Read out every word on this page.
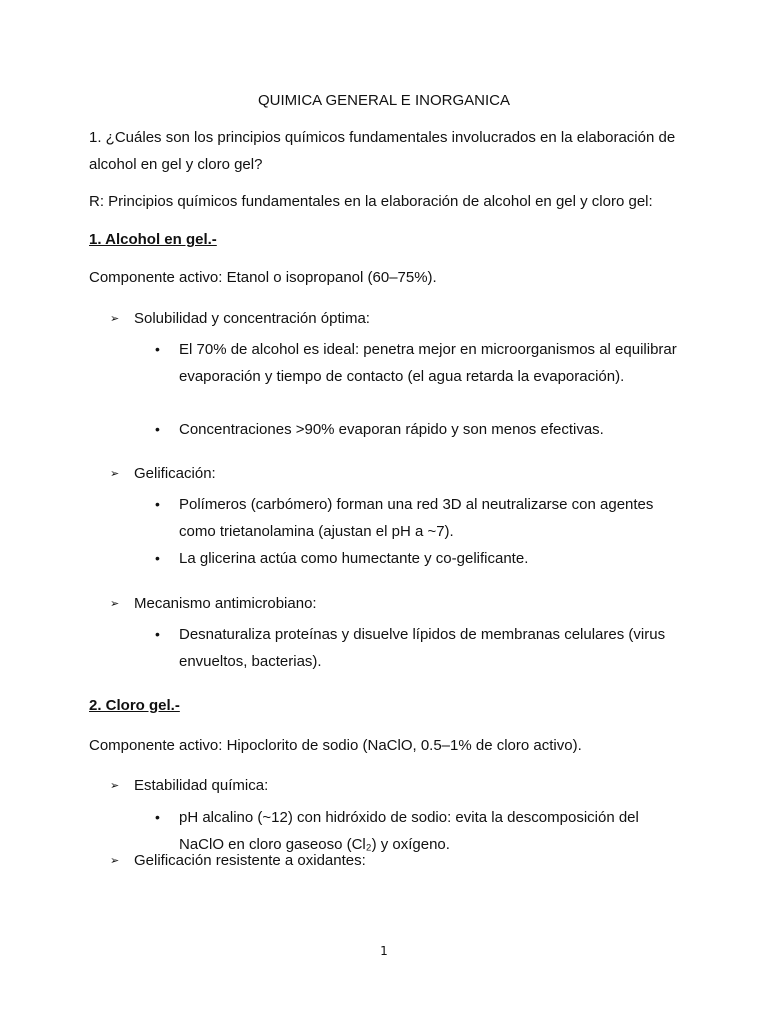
QUIMICA GENERAL E INORGANICA
1. ¿Cuáles son los principios químicos fundamentales involucrados en la elaboración de alcohol en gel y cloro gel?
R: Principios químicos fundamentales en la elaboración de alcohol en gel y cloro gel:
1. Alcohol en gel.-
Componente activo: Etanol o isopropanol (60–75%).
➢ Solubilidad y concentración óptima:
•	El 70% de alcohol es ideal: penetra mejor en microorganismos al equilibrar evaporación y tiempo de contacto (el agua retarda la evaporación).
•	Concentraciones >90% evaporan rápido y son menos efectivas.
➢ Gelificación:
•	Polímeros (carbómero) forman una red 3D al neutralizarse con agentes como trietanolamina (ajustan el pH a ~7).
•	La glicerina actúa como humectante y co-gelificante.
➢ Mecanismo antimicrobiano:
•	Desnaturaliza proteínas y disuelve lípidos de membranas celulares (virus envueltos, bacterias).
2. Cloro gel.-
Componente activo: Hipoclorito de sodio (NaClO, 0.5–1% de cloro activo).
➢ Estabilidad química:
•	pH alcalino (~12) con hidróxido de sodio: evita la descomposición del NaClO en cloro gaseoso (Cl₂) y oxígeno.
➢ Gelificación resistente a oxidantes:
1
